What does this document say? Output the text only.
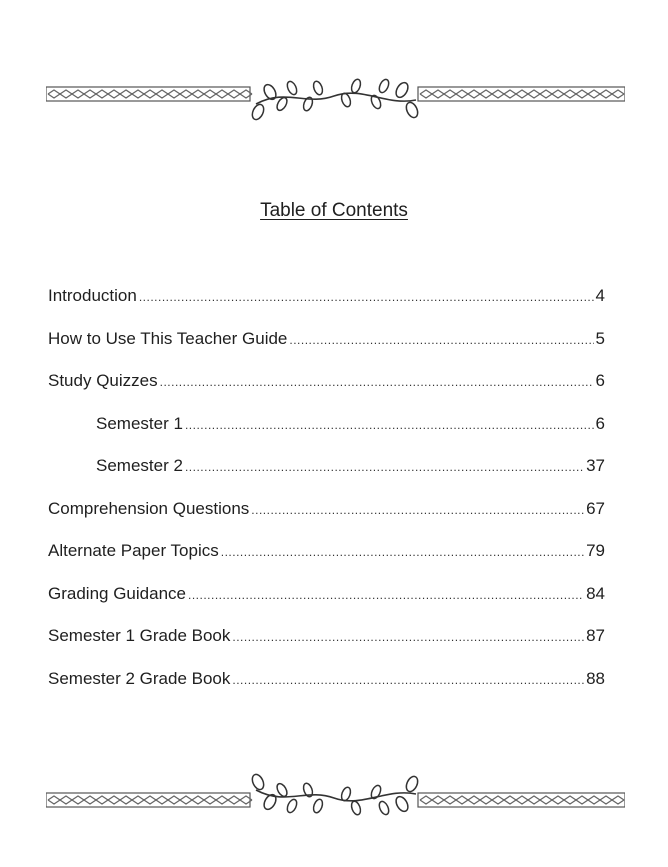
Table of Contents
Introduction .....	4
How to Use This Teacher Guide .....	5
Study Quizzes .....	6
Semester 1 .....	6
Semester 2 .....	37
Comprehension Questions .....	67
Alternate Paper Topics .....	79
Grading Guidance .....	84
Semester 1 Grade Book .....	87
Semester 2 Grade Book .....	88
